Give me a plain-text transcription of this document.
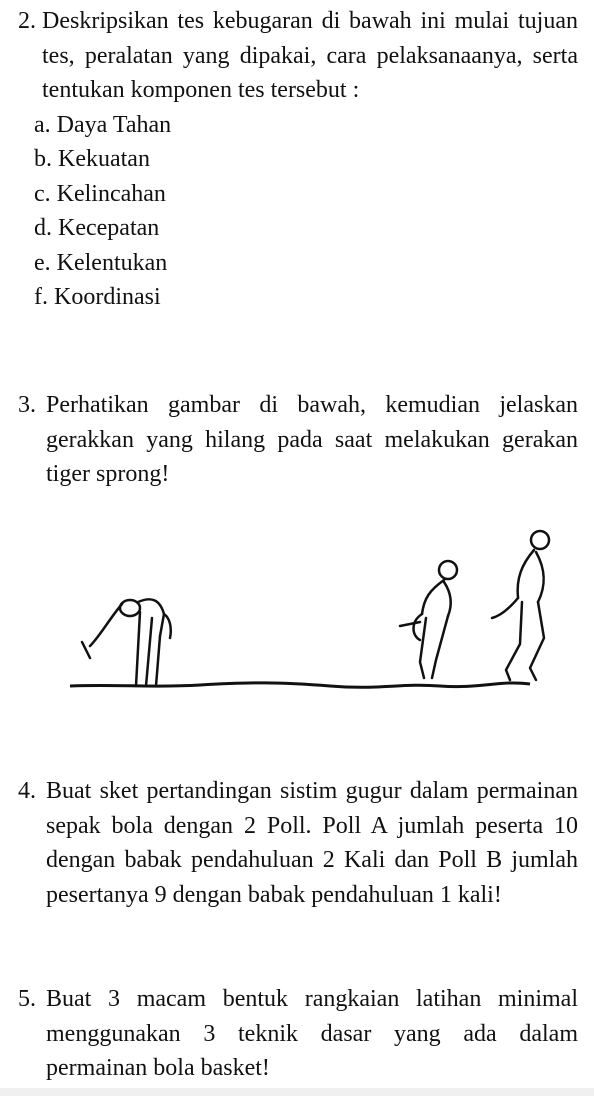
2. Deskripsikan tes kebugaran di bawah ini mulai tujuan tes, peralatan yang dipakai, cara pelaksanaanya, serta tentukan komponen tes tersebut :
a. Daya Tahan
b. Kekuatan
c. Kelincahan
d. Kecepatan
e. Kelentukan
f. Koordinasi
3. Perhatikan gambar di bawah, kemudian jelaskan gerakkan yang hilang pada saat melakukan gerakan tiger sprong!
4. Buat sket pertandingan sistim gugur dalam permainan sepak bola dengan 2 Poll. Poll A jumlah peserta 10 dengan babak pendahuluan 2 Kali dan Poll B jumlah pesertanya 9 dengan babak pendahuluan 1 kali!
5. Buat 3 macam bentuk rangkaian latihan minimal menggunakan 3 teknik dasar yang ada dalam permainan bola basket!
